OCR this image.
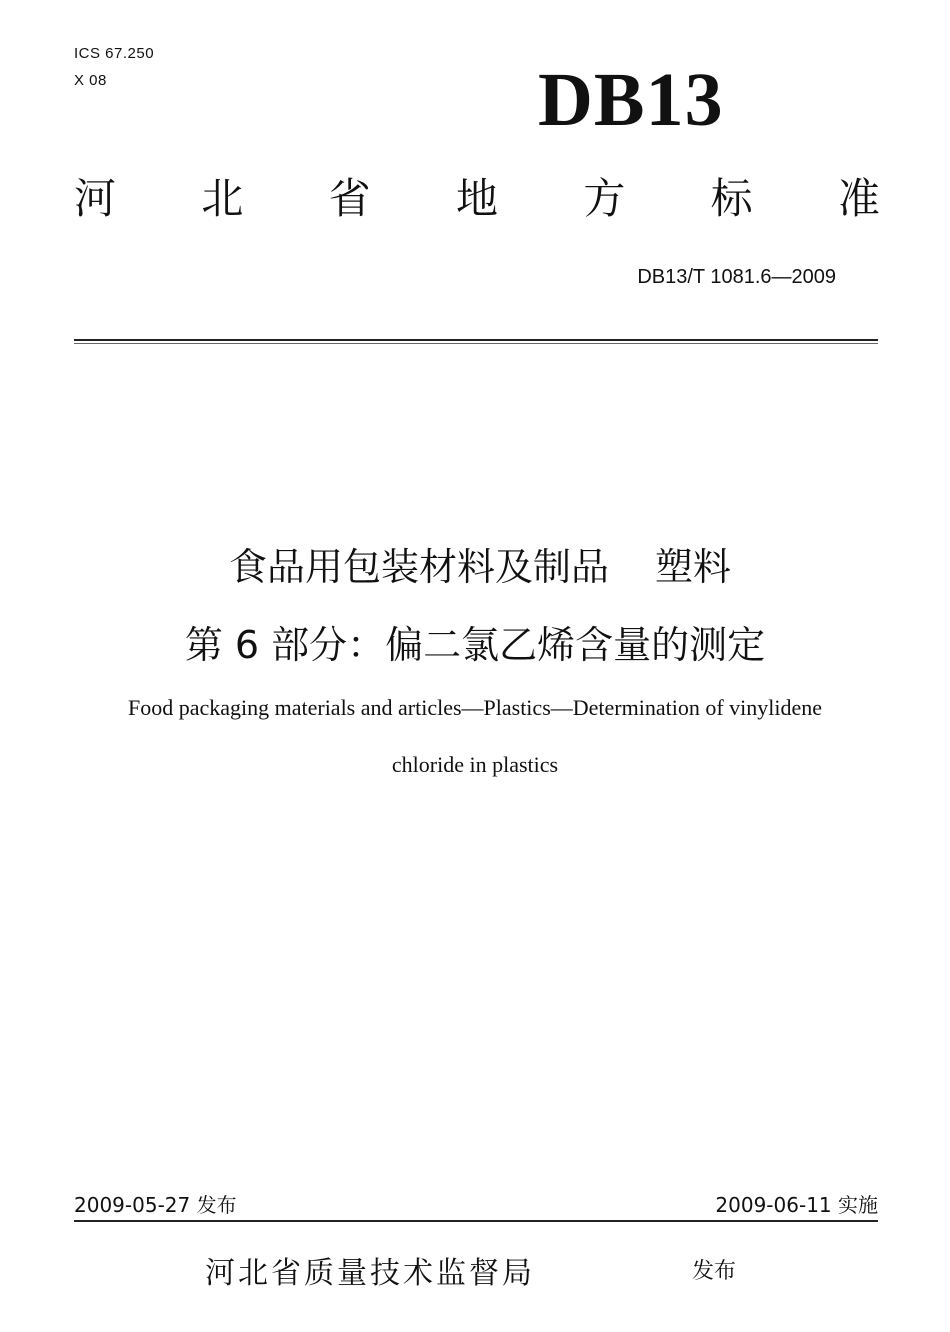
ICS 67.250
X 08	DB13
河 北 省 地 方 标 准
DB13/T 1081.6—2009
食品用包装材料及制品 塑料
第 6 部分：偏二氯乙烯含量的测定
Food packaging materials and articles—Plastics—Determination of vinylidene
chloride in plastics
2009-05-27 发布	2009-06-11 实施
河北省质量技术监督局	发布
